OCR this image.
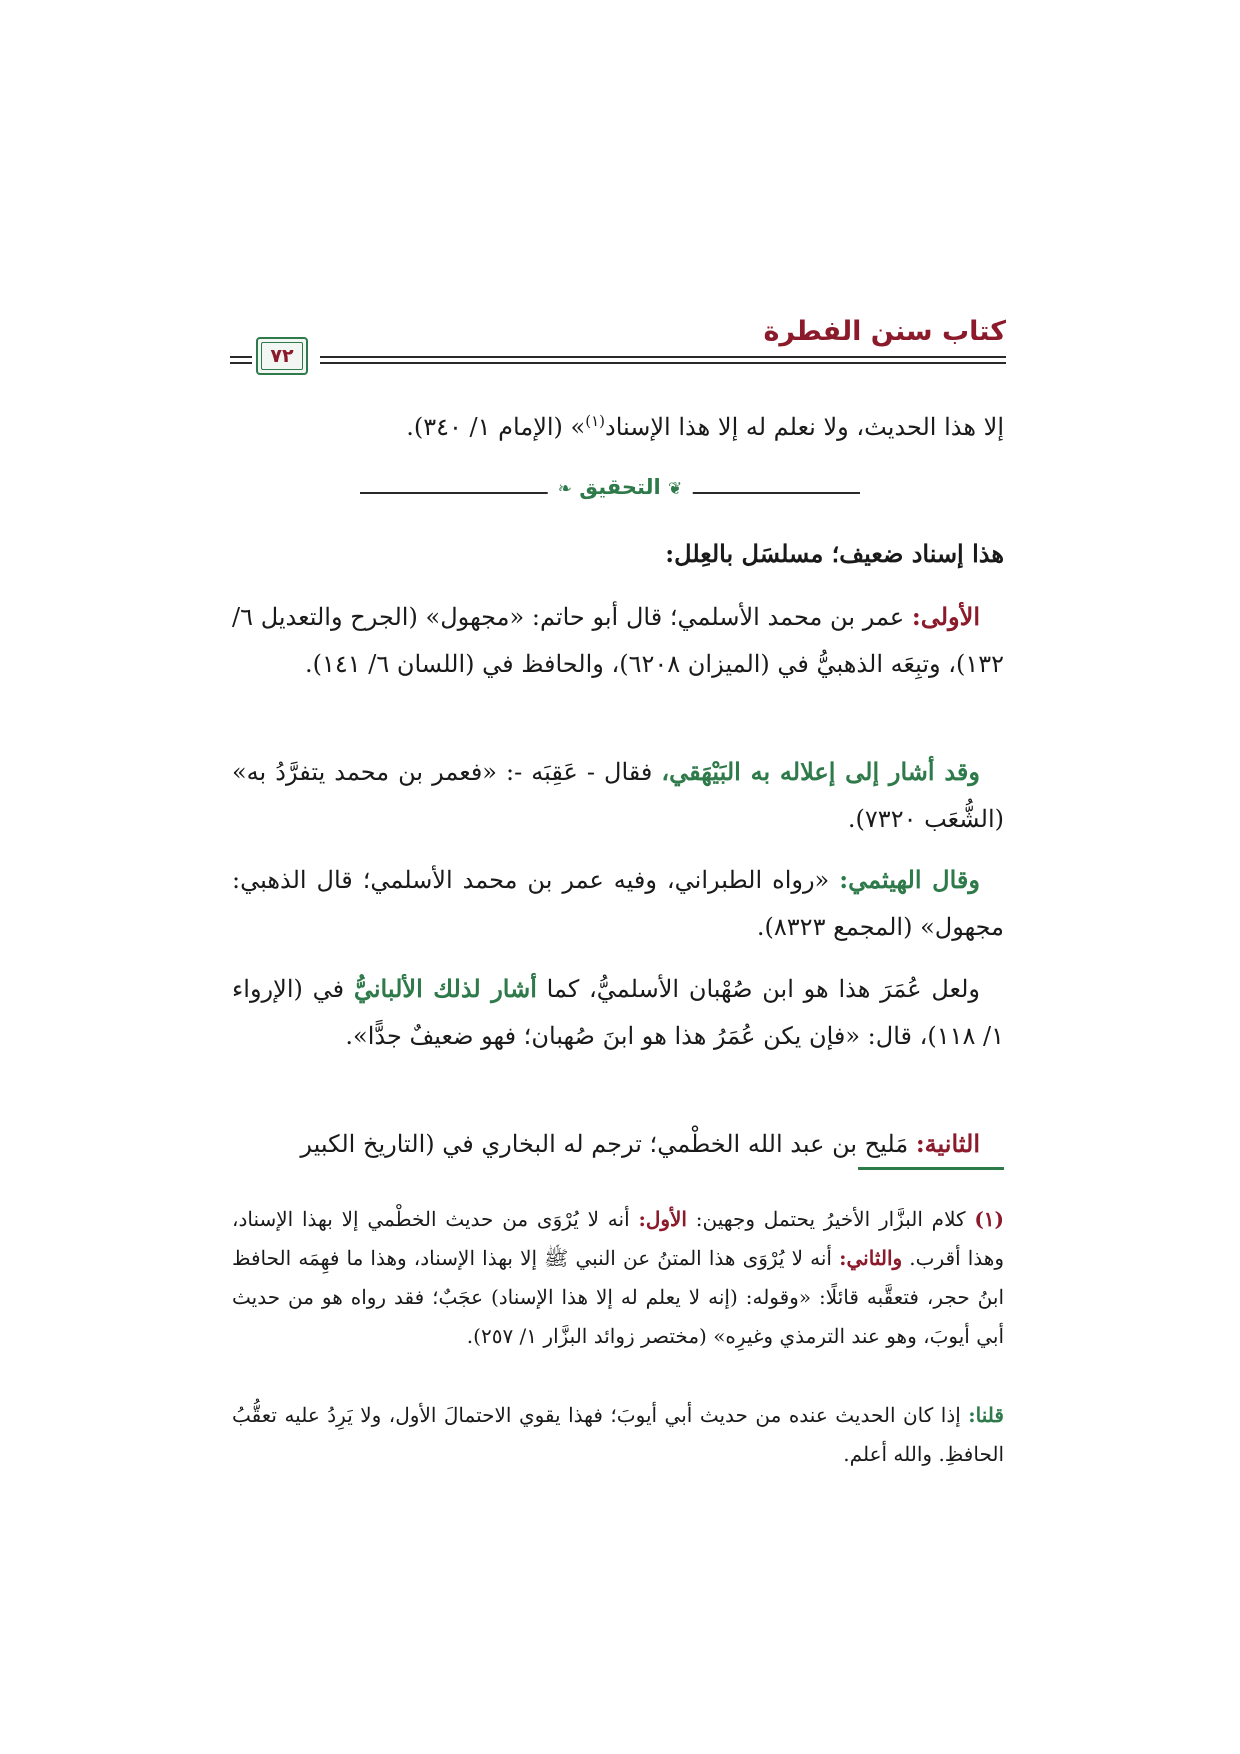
كتاب سنن الفطرة
٧٢
إلا هذا الحديث، ولا نعلم له إلا هذا الإسناد$^{(١)}$» (الإمام ١/ ٣٤٠).
❦ التحقيق ❧
هذا إسناد ضعيف؛ مسلسَل بالعِلل:
الأولى: عمر بن محمد الأسلمي؛ قال أبو حاتم: «مجهول» (الجرح والتعديل ٦/ ١٣٢)، وتبِعَه الذهبيُّ في (الميزان ٦٢٠٨)، والحافظ في (اللسان ٦/ ١٤١).
وقد أشار إلى إعلاله به البَيْهَقي، فقال - عَقِبَه -: «فعمر بن محمد يتفرَّدُ به» (الشُّعَب ٧٣٢٠).
وقال الهيثمي: «رواه الطبراني، وفيه عمر بن محمد الأسلمي؛ قال الذهبي: مجهول» (المجمع ٨٣٢٣).
ولعل عُمَرَ هذا هو ابن صُهْبان الأسلميُّ، كما أشار لذلك الألبانيُّ في (الإرواء ١/ ١١٨)، قال: «فإن يكن عُمَرُ هذا هو ابنَ صُهبان؛ فهو ضعيفٌ جدًّا».
الثانية: مَليح بن عبد الله الخطْمي؛ ترجم له البخاري في (التاريخ الكبير
(١) كلام البزَّار الأخيرُ يحتمل وجهين: الأول: أنه لا يُرْوَى من حديث الخطْمي إلا بهذا الإسناد، وهذا أقرب. والثاني: أنه لا يُرْوَى هذا المتنُ عن النبي ﷺ إلا بهذا الإسناد، وهذا ما فهِمَه الحافظ ابنُ حجر، فتعقَّبه قائلًا: «وقوله: (إنه لا يعلم له إلا هذا الإسناد) عجَبٌ؛ فقد رواه هو من حديث أبي أيوبَ، وهو عند الترمذي وغيرِه» (مختصر زوائد البزَّار ١/ ٢٥٧).
قلنا: إذا كان الحديث عنده من حديث أبي أيوبَ؛ فهذا يقوي الاحتمالَ الأول، ولا يَرِدُ عليه تعقُّبُ الحافظِ. والله أعلم.
